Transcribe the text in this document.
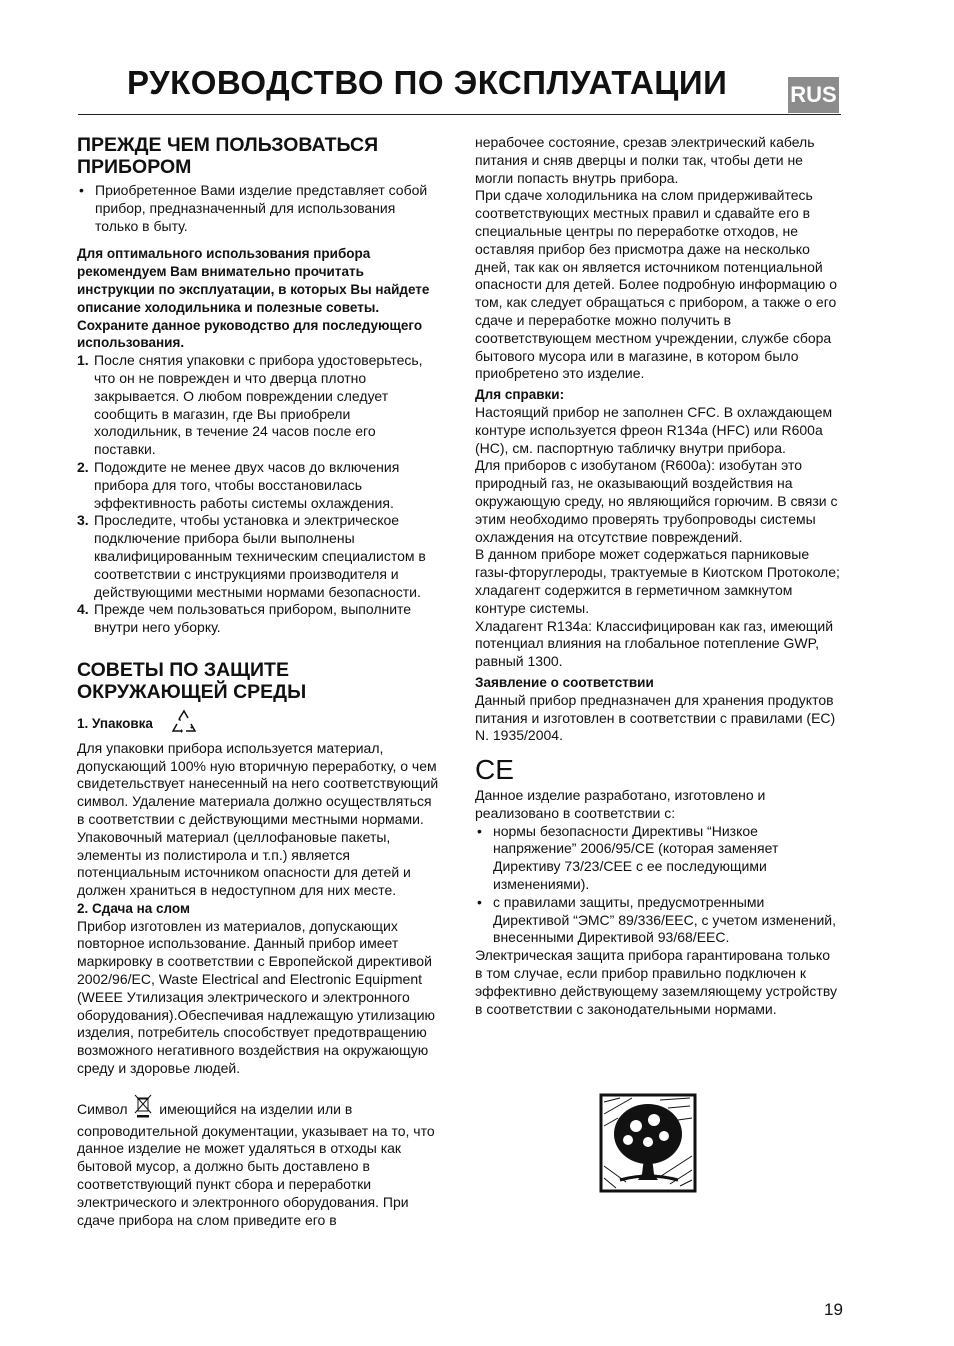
РУКОВОДСТВО ПО ЭКСПЛУАТАЦИИ	RUS
ПРЕЖДЕ ЧЕМ ПОЛЬЗОВАТЬСЯ
ПРИБОРОМ
• Приобретенное Вами изделие представляет собой прибор, предназначенный для использования только в быту.

Для оптимального использования прибора рекомендуем Вам внимательно прочитать инструкции по эксплуатации, в которых Вы найдете описание холодильника и полезные советы. Сохраните данное руководство для последующего использования.

1. После снятия упаковки с прибора удостоверьтесь, что он не поврежден и что дверца плотно закрывается. О любом повреждении следует сообщить в магазин, где Вы приобрели холодильник, в течение 24 часов после его поставки.
2. Подождите не менее двух часов до включения прибора для того, чтобы восстановилась эффективность работы системы охлаждения.
3. Проследите, чтобы установка и электрическое подключение прибора были выполнены квалифицированным техническим специалистом в соответствии с инструкциями производителя и действующими местными нормами безопасности.
4. Прежде чем пользоваться прибором, выполните внутри него уборку.
СОВЕТЫ ПО ЗАЩИТЕ
ОКРУЖАЮЩЕЙ СРЕДЫ

1. Упаковка

Для упаковки прибора используется материал, допускающий 100% ную вторичную переработку, о чем свидетельствует нанесенный на него соответствующий символ. Удаление материала должно осуществляться в соответствии с действующими местными нормами. Упаковочный материал (целлофановые пакеты, элементы из полистирола и т.п.) является потенциальным источником опасности для детей и должен храниться в недоступном для них месте.

2. Сдача на слом

Прибор изготовлен из материалов, допускающих повторное использование. Данный прибор имеет маркировку в соответствии с Европейской директивой

2002/96/EC, Waste Electrical and Electronic Equipment (WEEE Утилизация электрического и электронного оборудования).Обеспечивая надлежащую утилизацию изделия, потребитель способствует предотвращению возможного негативного воздействия на окружающую среду и здоровье людей.

Символ имеющийся на изделии или в сопроводительной документации, указывает на то, что данное изделие не может удаляться в отходы как бытовой мусор, а должно быть доставлено в соответствующий пункт сбора и переработки электрического и электронного оборудования. При сдаче прибора на слом приведите его в

нерабочее состояние, срезав электрический кабель питания и сняв дверцы и полки так, чтобы дети не могли попасть внутрь прибора.

При сдаче холодильника на слом придерживайтесь соответствующих местных правил и сдавайте его в специальные центры по переработке отходов, не оставляя прибор без присмотра даже на несколько дней, так как он является источником потенциальной опасности для детей. Более подробную информацию о том, как следует обращаться с прибором, а также о его сдаче и переработке можно получить в соответствующем местном учреждении, службе сбора бытового мусора или в магазине, в котором было приобретено это изделие.

Для справки:

Настоящий прибор не заполнен CFC. В охлаждающем контуре используется фреон R134a (HFC) или R600a (HC), см. паспортную табличку внутри прибора.

Для приборов с изобутаном (R600a): изобутан это природный газ, не оказывающий воздействия на окружающую среду, но являющийся горючим. В связи с этим необходимо проверять трубопроводы системы охлаждения на отсутствие повреждений.

В данном приборе может содержаться парниковые газы-фторуглероды, трактуемые в Киотском Протоколе; хладагент содержится в герметичном замкнутом контуре системы.

Хладагент R134a: Классифицирован как газ, имеющий потенциал влияния на глобальное потепление GWP, равный 1300.

Заявление о соответствии

Данный прибор предназначен для хранения продуктов питания и изготовлен в соответствии с правилами (EC) N. 1935/2004.

CE

Данное изделие разработано, изготовлено и реализовано в соответствии с:

• нормы безопасности Директивы “Низкое напряжение” 2006/95/CE (которая заменяет Директиву 73/23/CEE с ее последующими изменениями).
• с правилами защиты, предусмотренными Директивой “ЭМС” 89/336/EEC, с учетом изменений, внесенными Директивой 93/68/EEC.

Электрическая защита прибора гарантирована только в том случае, если прибор правильно подключен к эффективно действующему заземляющему устройству в соответствии с законодательными нормами.

19
